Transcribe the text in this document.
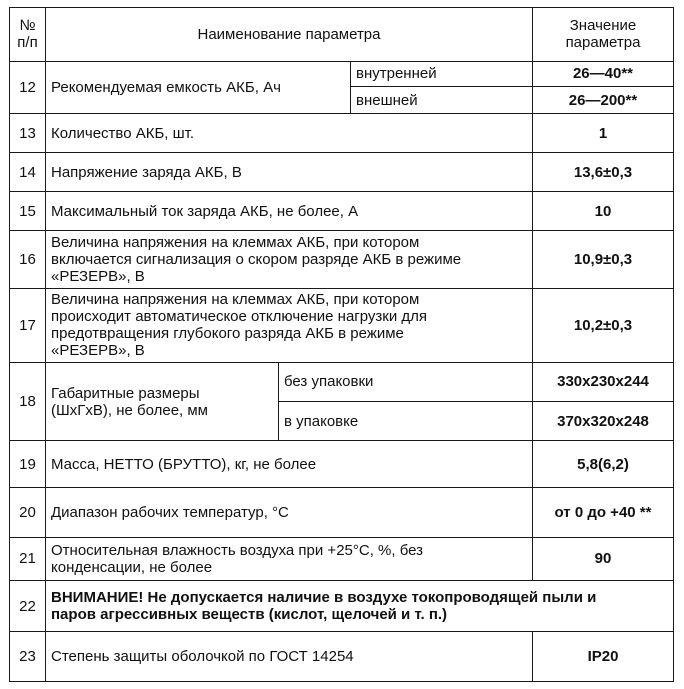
№
п/п	Наименование параметра			Значение
параметра
12	Рекомендуемая емкость АКБ, Ач		внутренней	26—40**
			внешней	26—200**
13	Количество АКБ, шт.			1
14	Напряжение заряда АКБ, В			13,6±0,3
15	Максимальный ток заряда АКБ, не более, А			10
16	Величина напряжения на клеммах АКБ, при котором
включается сигнализация о скором разряде АКБ в режиме
«РЕЗЕРВ», В			10,9±0,3
17	Величина напряжения на клеммах АКБ, при котором
происходит автоматическое отключение нагрузки для
предотвращения глубокого разряда АКБ в режиме
«РЕЗЕРВ», В			10,2±0,3
18	Габаритные размеры
(ШхГхВ), не более, мм	без упаковки		330х230х244
		в упаковке		370х320х248
19	Масса, НЕТТО (БРУТТО), кг, не более			5,8(6,2)
20	Диапазон рабочих температур, °С			от 0 до +40 **
21	Относительная влажность воздуха при +25°С, %, без
конденсации, не более			90
22	ВНИМАНИЕ! Не допускается наличие в воздухе токопроводящей пыли и
паров агрессивных веществ (кислот, щелочей и т. п.)			
23	Степень защиты оболочкой по ГОСТ 14254			IP20
